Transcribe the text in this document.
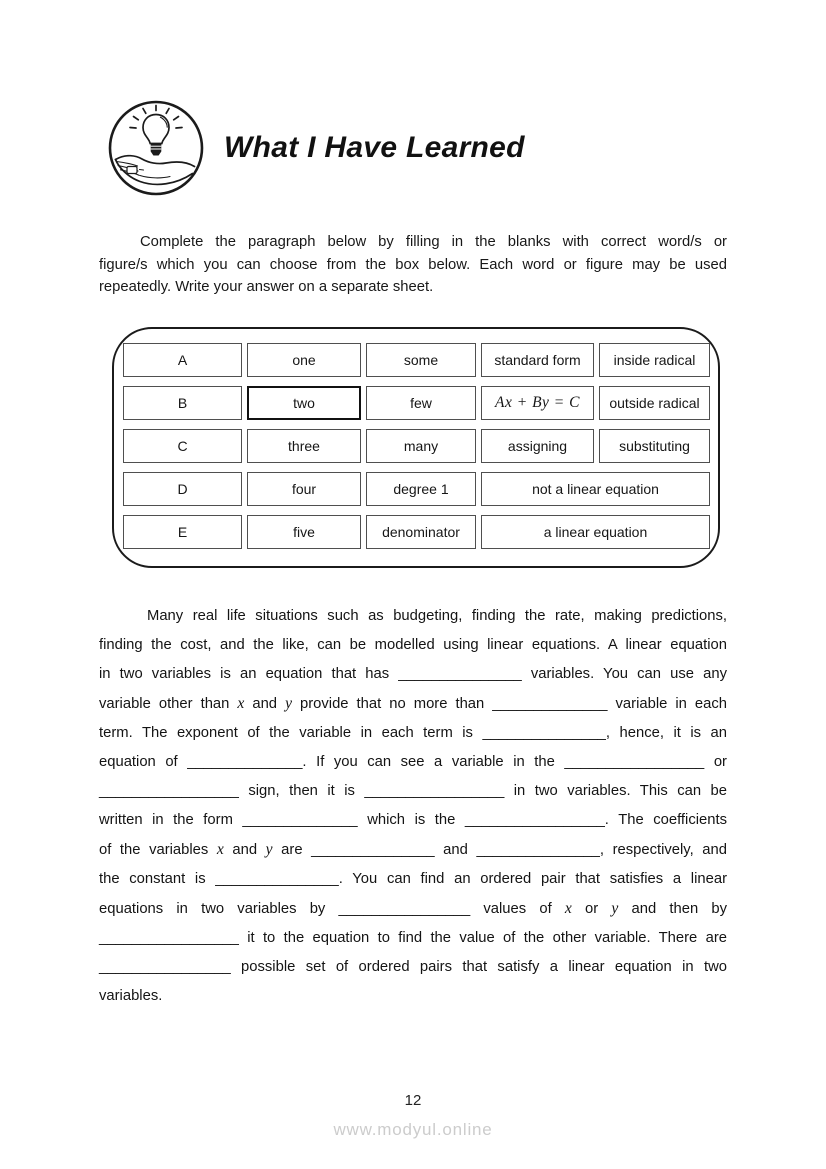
What I Have Learned
Complete the paragraph below by filling in the blanks with correct word/s or
figure/s which you can choose from the box below. Each word or figure may be used
repeatedly. Write your answer on a separate sheet.
A	one	some	standard form	inside radical
B	two	few	Ax + By = C	outside radical
C	three	many	assigning	substituting
D	four	degree 1	not a linear equation
E	five	denominator	a linear equation
Many real life situations such as budgeting, finding the rate, making predictions,
finding the cost, and the like, can be modelled using linear equations. A linear equation
in two variables is an equation that has _______________ variables. You can use any
variable other than x and y provide that no more than ______________ variable in each
term. The exponent of the variable in each term is _______________, hence, it is an
equation of ______________. If you can see a variable in the _________________ or
_________________ sign, then it is _________________ in two variables. This can be
written in the form ______________ which is the _________________. The coefficients
of the variables x and y are _______________ and _______________, respectively, and
the constant is _______________. You can find an ordered pair that satisfies a linear
equations in two variables by ________________ values of x or y and then by
_________________ it to the equation to find the value of the other variable. There are
________________ possible set of ordered pairs that satisfy a linear equation in two
variables.
12
www.modyul.online
